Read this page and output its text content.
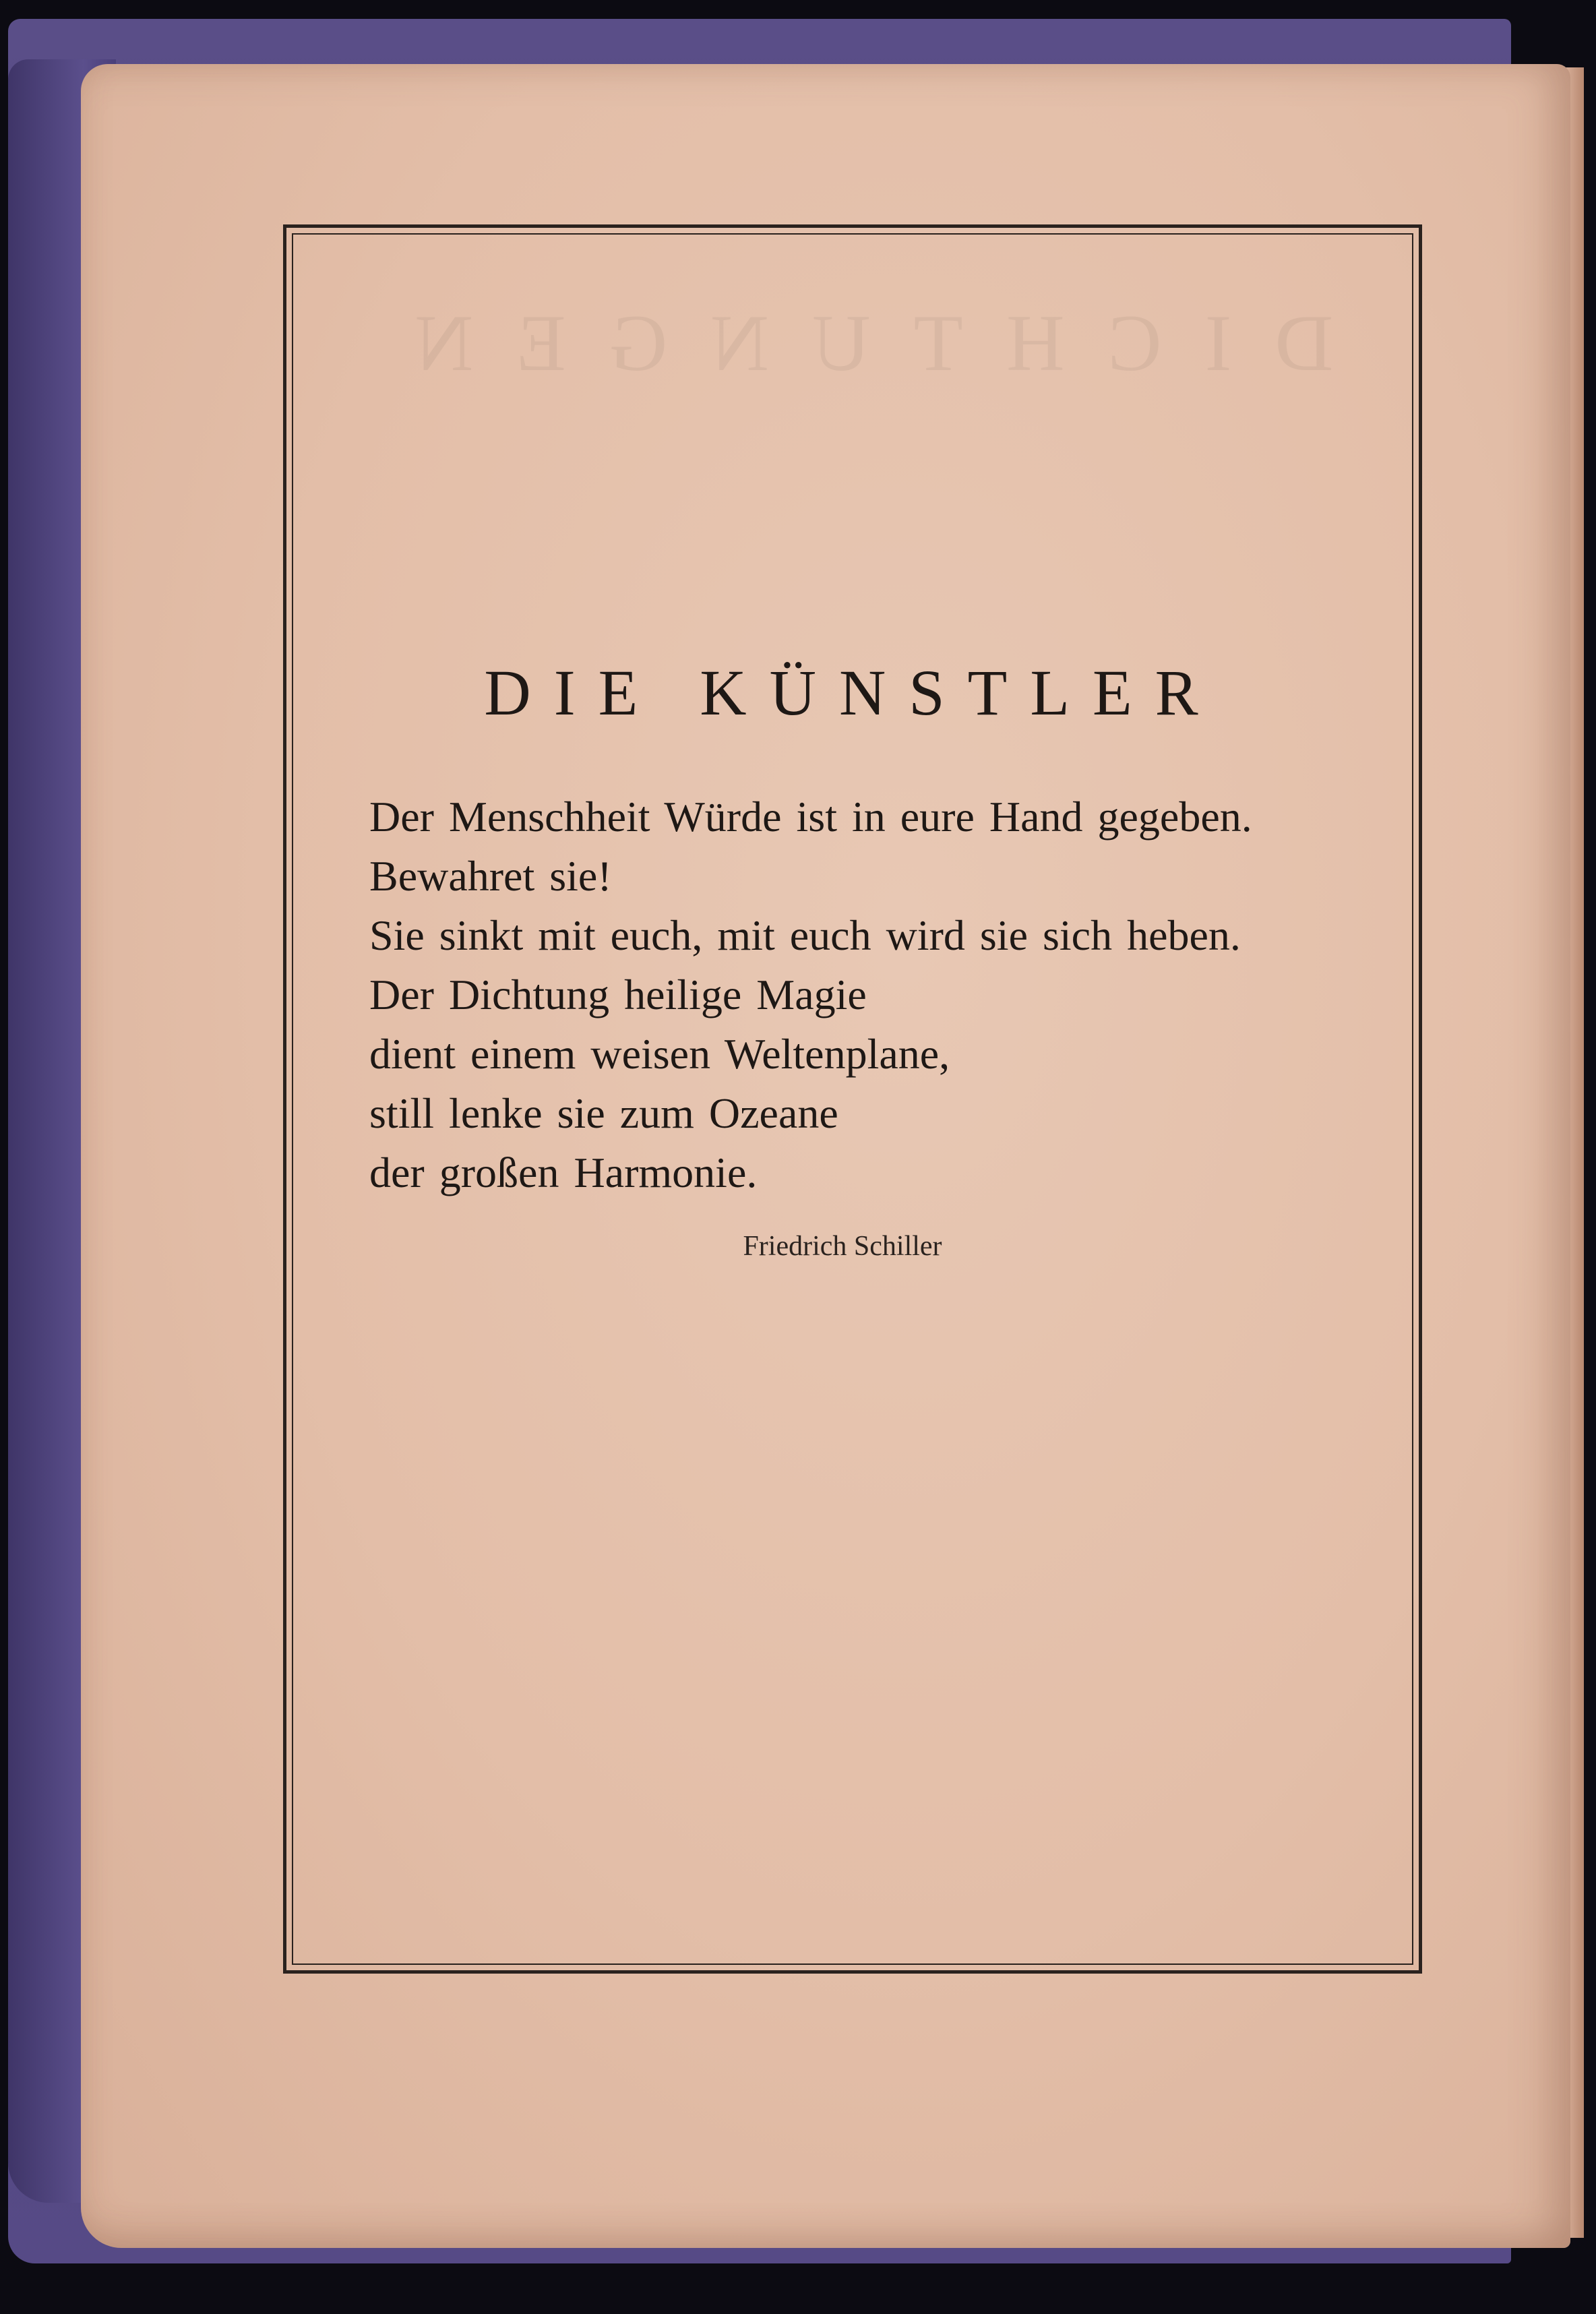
DICHTUNGEN
DIE KÜNSTLER
Der Menschheit Würde ist in eure Hand gegeben.
Bewahret sie!
Sie sinkt mit euch, mit euch wird sie sich heben.
Der Dichtung heilige Magie
dient einem weisen Weltenplane,
still lenke sie zum Ozeane
der großen Harmonie.
Friedrich Schiller
